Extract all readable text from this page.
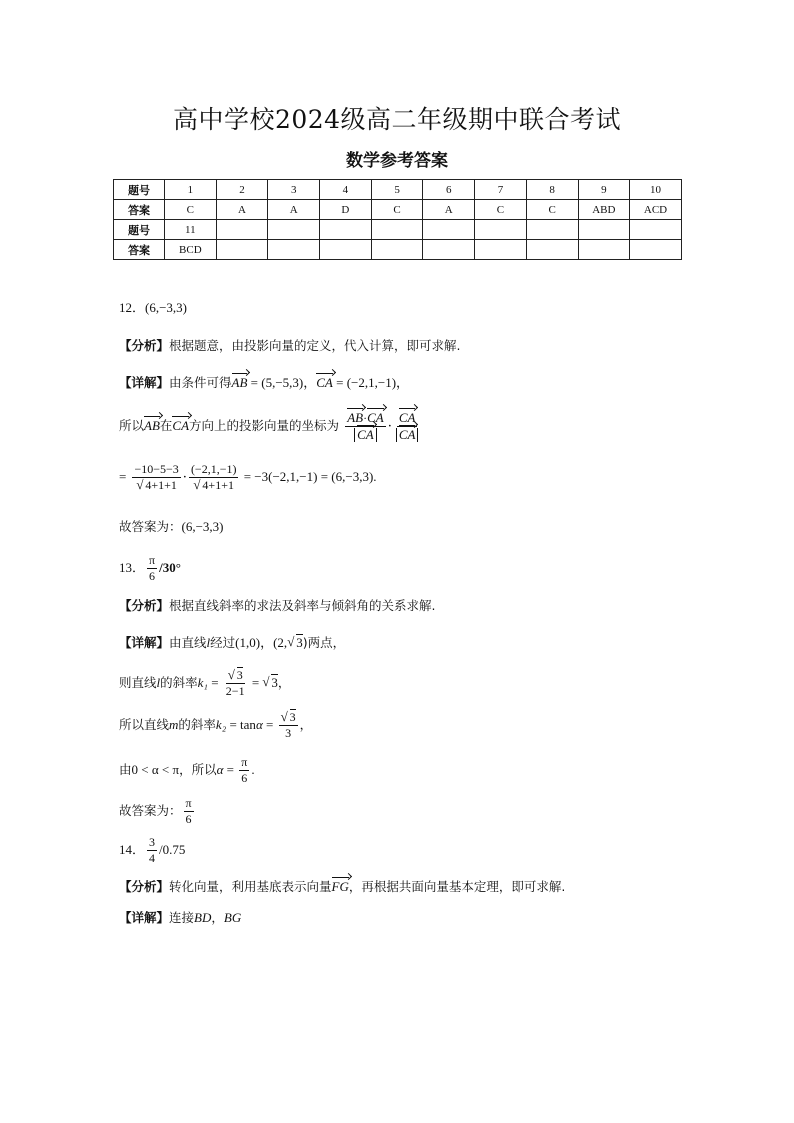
高中学校2024级高二年级期中联合考试
数学参考答案
题号	1	2	3	4	5	6	7	8	9	10
答案	C	A	A	D	C	A	C	C	ABD	ACD
题号	11									
答案	BCD									
12．(6,−3,3)
【分析】根据题意，由投影向量的定义，代入计算，即可求解.
【详解】由条件可得AB = (5,−5,3)，CA = (−2,1,−1)，
所以AB在CA方向上的投影向量的坐标为 $\frac{AB\cdot CA}{CA} \cdot \frac{CA}{CA}$
= −10−5−3
√ 4+1+1 · (−2,1,−1)
√ 4+1+1 = −3(−2,1,−1) = (6,−3,3).
故答案为：(6,−3,3)
13． $\frac{\pi}{6} /30^\circ$
【分析】根据直线斜率的求法及斜率与倾斜角的关系求解.
【详解】由直线l经过(1,0)，(2, √ 3)两点，
则直线l的斜率k₁ = √ $\frac{3}{2-1}$ = √ 3，
所以直线m的斜率k₂ = tanα = √ $\frac{3}{3}$ ，
由0 < α < π，所以$\alpha = \frac{\pi}{6}$ .
故答案为： $\frac{\pi}{6}$
14． $\frac{3}{4} /0.75$
【分析】转化向量，利用基底表示向量FG，再根据共面向量基本定理，即可求解.
【详解】连接BD，BG
